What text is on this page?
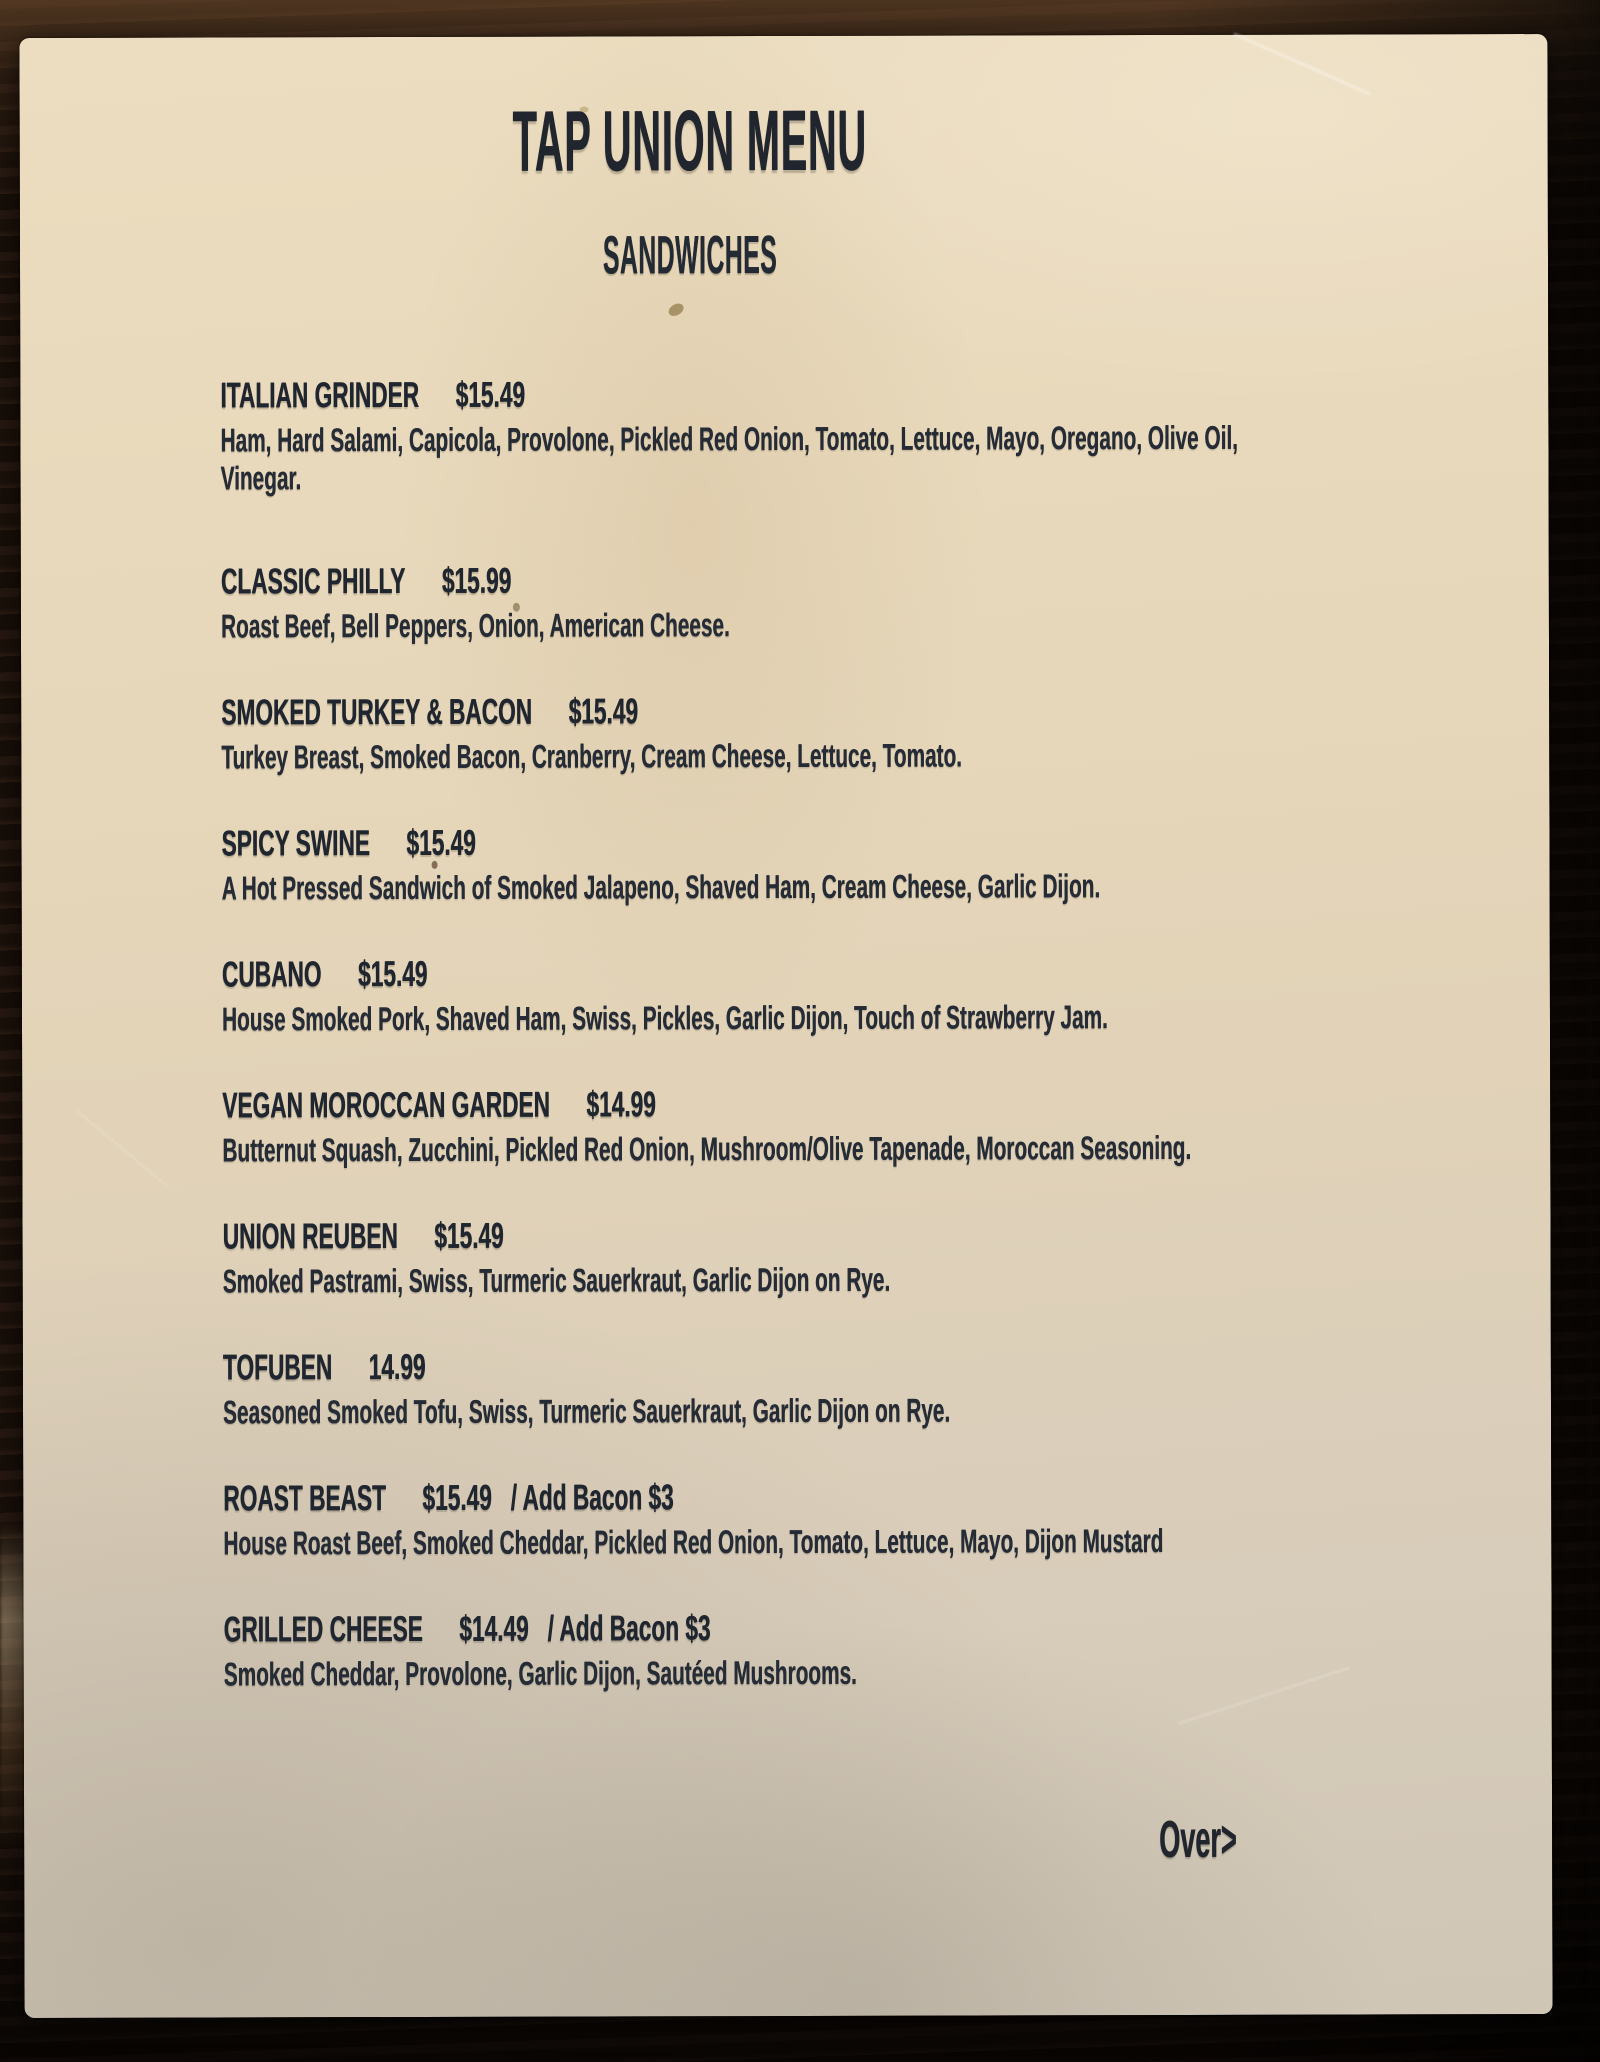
TAP UNION MENU
SANDWICHES
ITALIAN GRINDER $15.49

Ham, Hard Salami, Capicola, Provolone, Pickled Red Onion, Tomato, Lettuce, Mayo, Oregano, Olive Oil, Vinegar.

CLASSIC PHILLY $15.99

Roast Beef, Bell Peppers, Onion, American Cheese.

SMOKED TURKEY & BACON $15.49

Turkey Breast, Smoked Bacon, Cranberry, Cream Cheese, Lettuce, Tomato.

SPICY SWINE $15.49

A Hot Pressed Sandwich of Smoked Jalapeno, Shaved Ham, Cream Cheese, Garlic Dijon.

CUBANO $15.49

House Smoked Pork, Shaved Ham, Swiss, Pickles, Garlic Dijon, Touch of Strawberry Jam.

VEGAN MOROCCAN GARDEN $14.99

Butternut Squash, Zucchini, Pickled Red Onion, Mushroom/Olive Tapenade, Moroccan Seasoning.

UNION REUBEN $15.49

Smoked Pastrami, Swiss, Turmeric Sauerkraut, Garlic Dijon on Rye.

TOFUBEN 14.99

Seasoned Smoked Tofu, Swiss, Turmeric Sauerkraut, Garlic Dijon on Rye.

ROAST BEAST $15.49 / Add Bacon $3

House Roast Beef, Smoked Cheddar, Pickled Red Onion, Tomato, Lettuce, Mayo, Dijon Mustard

GRILLED CHEESE $14.49 / Add Bacon $3

Smoked Cheddar, Provolone, Garlic Dijon, Sautéed Mushrooms.

Over>
